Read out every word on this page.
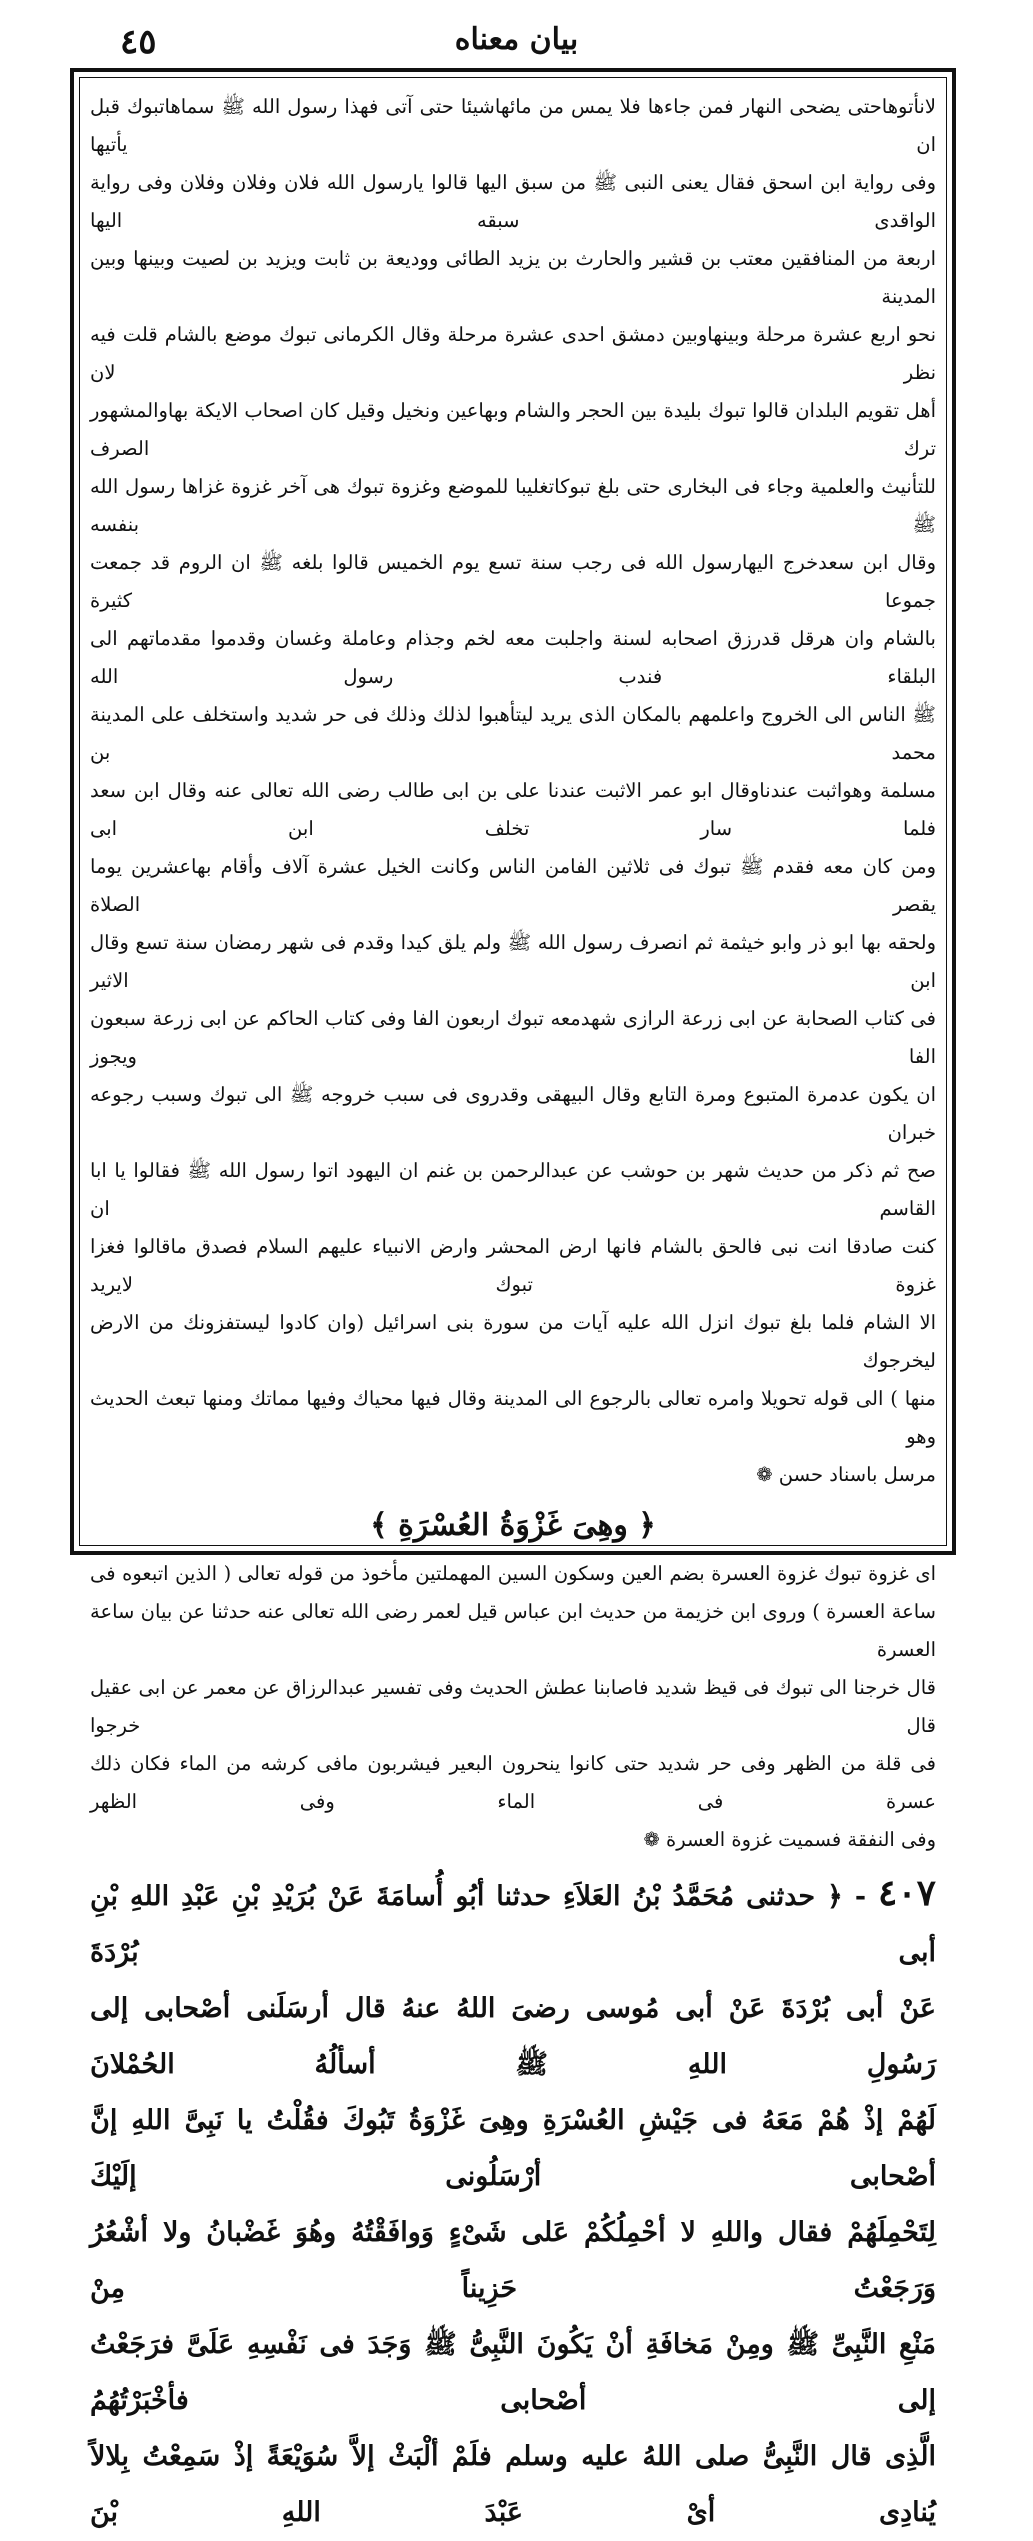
بيان معناه
٤٥

لانأتوهاحتى يضحى النهار فمن جاءها فلا يمس من مائهاشيئا حتى آتى فهذا رسول الله ﷺ سماهاتبوك قبل ان يأتيها

وفى رواية ابن اسحق فقال يعنى النبى ﷺ من سبق اليها قالوا يارسول الله فلان وفلان وفلان وفى رواية الواقدى سبقه اليها

اربعة من المنافقين معتب بن قشير والحارث بن يزيد الطائى ووديعة بن ثابت ويزيد بن لصيت وبينها وبين المدينة

نحو اربع عشرة مرحلة وبينهاوبين دمشق احدى عشرة مرحلة وقال الكرمانى تبوك موضع بالشام قلت فيه نظر لان

أهل تقويم البلدان قالوا تبوك بليدة بين الحجر والشام وبهاعين ونخيل وقيل كان اصحاب الايكة بهاوالمشهور ترك الصرف

للتأنيث والعلمية وجاء فى البخارى حتى بلغ تبوكاتغليبا للموضع وغزوة تبوك هى آخر غزوة غزاها رسول الله ﷺ بنفسه

وقال ابن سعدخرج اليهارسول الله فى رجب سنة تسع يوم الخميس قالوا بلغه ﷺ ان الروم قد جمعت جموعا كثيرة

بالشام وان هرقل قدرزق اصحابه لسنة واجلبت معه لخم وجذام وعاملة وغسان وقدموا مقدماتهم الى البلقاء فندب رسول الله

ﷺ الناس الى الخروج واعلمهم بالمكان الذى يريد ليتأهبوا لذلك وذلك فى حر شديد واستخلف على المدينة محمد بن

مسلمة وهواثبت عندناوقال ابو عمر الاثبت عندنا على بن ابى طالب رضى الله تعالى عنه وقال ابن سعد فلما سار تخلف ابن ابى

ومن كان معه فقدم ﷺ تبوك فى ثلاثين الفامن الناس وكانت الخيل عشرة آلاف وأقام بهاعشرين يوما يقصر الصلاة

ولحقه بها ابو ذر وابو خيثمة ثم انصرف رسول الله ﷺ ولم يلق كيدا وقدم فى شهر رمضان سنة تسع وقال ابن الاثير

فى كتاب الصحابة عن ابى زرعة الرازى شهدمعه تبوك اربعون الفا وفى كتاب الحاكم عن ابى زرعة سبعون الفا ويجوز

ان يكون عدمرة المتبوع ومرة التابع وقال البيهقى وقدروى فى سبب خروجه ﷺ الى تبوك وسبب رجوعه خبران

صح ثم ذكر من حديث شهر بن حوشب عن عبدالرحمن بن غنم ان اليهود اتوا رسول الله ﷺ فقالوا يا ابا القاسم ان

كنت صادقا انت نبى فالحق بالشام فانها ارض المحشر وارض الانبياء عليهم السلام فصدق ماقالوا فغزا غزوة تبوك لايريد

الا الشام فلما بلغ تبوك انزل الله عليه آيات من سورة بنى اسرائيل (وان كادوا ليستفزونك من الارض ليخرجوك

منها ) الى قوله تحويلا وامره تعالى بالرجوع الى المدينة وقال فيها محياك وفيها مماتك ومنها تبعث الحديث وهو

مرسل باسناد حسن ❁

﴿ وهِىَ غَزْوَةُ العُسْرَةِ ﴾

اى غزوة تبوك غزوة العسرة بضم العين وسكون السين المهملتين مأخوذ من قوله تعالى ( الذين اتبعوه فى

ساعة العسرة ) وروى ابن خزيمة من حديث ابن عباس قيل لعمر رضى الله تعالى عنه حدثنا عن بيان ساعة العسرة

قال خرجنا الى تبوك فى قيظ شديد فاصابنا عطش الحديث وفى تفسير عبدالرزاق عن معمر عن ابى عقيل قال خرجوا

فى قلة من الظهر وفى حر شديد حتى كانوا ينحرون البعير فيشربون مافى كرشه من الماء فكان ذلك عسرة فى الماء وفى الظهر

وفى النفقة فسميت غزوة العسرة ❁

٤٠٧ - ﴿ حدثنى مُحَمَّدُ بْنُ العَلاَءِ حدثنا أبُو أُسامَةَ عَنْ بُرَيْدِ بْنِ عَبْدِ اللهِ بْنِ أبى بُرْدَةَ

عَنْ أبى بُرْدَةَ عَنْ أبى مُوسى رضىَ اللهُ عنهُ قال أرسَلَنى أصْحابى إلى رَسُولِ اللهِ ﷺ أسألُهُ الحُمْلانَ

لَهُمْ إذْ هُمْ مَعَهُ فى جَيْشِ العُسْرَةِ وهِىَ غَزْوَةُ تَبُوكَ فقُلْتُ يا نَبِىَّ اللهِ إنَّ أصْحابى أرْسَلُونى إلَيْكَ

لِتَحْمِلَهُمْ فقال واللهِ لا أحْمِلُكُمْ عَلى شَىْءٍ وَوافَقْتُهُ وهُوَ غَضْبانُ ولا أشْعُرُ وَرَجَعْتُ حَزِيناً مِنْ

مَنْعِ النَّبِىِّ ﷺ ومِنْ مَخافَةِ أنْ يَكُونَ النَّبِىُّ ﷺ وَجَدَ فى نَفْسِهِ عَلَىَّ فرَجَعْتُ إلى أصْحابى فأخْبَرْتُهُمُ

الَّذِى قال النَّبِىُّ صلى اللهُ عليه وسلم فلَمْ ألْبَثْ إلاَّ سُوَيْعَةً إذْ سَمِعْتُ بِلالاً يُنادِى أىْ عَبْدَ اللهِ بْنَ
